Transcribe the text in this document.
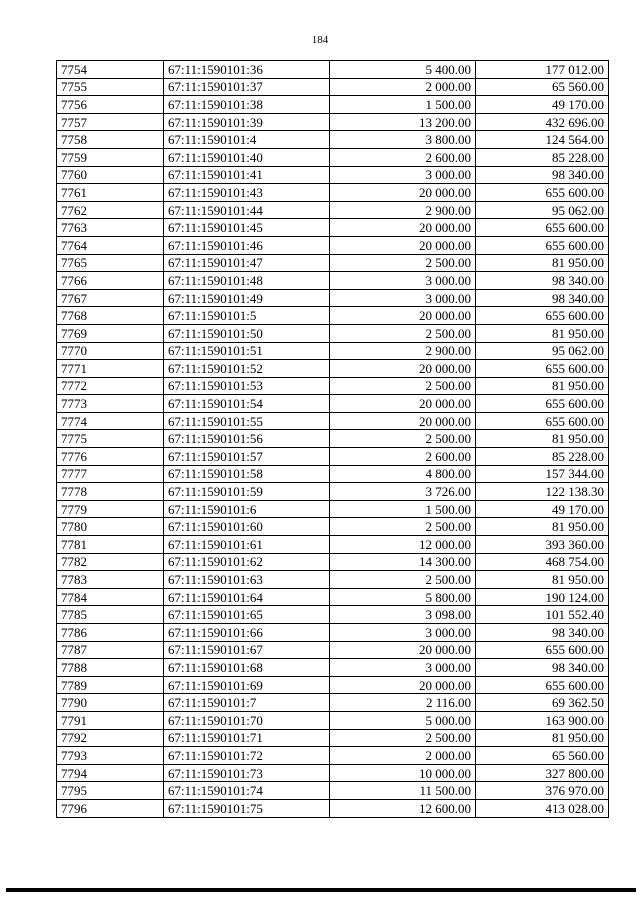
184
7754	67:11:1590101:36	5 400.00	177 012.00
7755	67:11:1590101:37	2 000.00	65 560.00
7756	67:11:1590101:38	1 500.00	49 170.00
7757	67:11:1590101:39	13 200.00	432 696.00
7758	67:11:1590101:4	3 800.00	124 564.00
7759	67:11:1590101:40	2 600.00	85 228.00
7760	67:11:1590101:41	3 000.00	98 340.00
7761	67:11:1590101:43	20 000.00	655 600.00
7762	67:11:1590101:44	2 900.00	95 062.00
7763	67:11:1590101:45	20 000.00	655 600.00
7764	67:11:1590101:46	20 000.00	655 600.00
7765	67:11:1590101:47	2 500.00	81 950.00
7766	67:11:1590101:48	3 000.00	98 340.00
7767	67:11:1590101:49	3 000.00	98 340.00
7768	67:11:1590101:5	20 000.00	655 600.00
7769	67:11:1590101:50	2 500.00	81 950.00
7770	67:11:1590101:51	2 900.00	95 062.00
7771	67:11:1590101:52	20 000.00	655 600.00
7772	67:11:1590101:53	2 500.00	81 950.00
7773	67:11:1590101:54	20 000.00	655 600.00
7774	67:11:1590101:55	20 000.00	655 600.00
7775	67:11:1590101:56	2 500.00	81 950.00
7776	67:11:1590101:57	2 600.00	85 228.00
7777	67:11:1590101:58	4 800.00	157 344.00
7778	67:11:1590101:59	3 726.00	122 138.30
7779	67:11:1590101:6	1 500.00	49 170.00
7780	67:11:1590101:60	2 500.00	81 950.00
7781	67:11:1590101:61	12 000.00	393 360.00
7782	67:11:1590101:62	14 300.00	468 754.00
7783	67:11:1590101:63	2 500.00	81 950.00
7784	67:11:1590101:64	5 800.00	190 124.00
7785	67:11:1590101:65	3 098.00	101 552.40
7786	67:11:1590101:66	3 000.00	98 340.00
7787	67:11:1590101:67	20 000.00	655 600.00
7788	67:11:1590101:68	3 000.00	98 340.00
7789	67:11:1590101:69	20 000.00	655 600.00
7790	67:11:1590101:7	2 116.00	69 362.50
7791	67:11:1590101:70	5 000.00	163 900.00
7792	67:11:1590101:71	2 500.00	81 950.00
7793	67:11:1590101:72	2 000.00	65 560.00
7794	67:11:1590101:73	10 000.00	327 800.00
7795	67:11:1590101:74	11 500.00	376 970.00
7796	67:11:1590101:75	12 600.00	413 028.00
